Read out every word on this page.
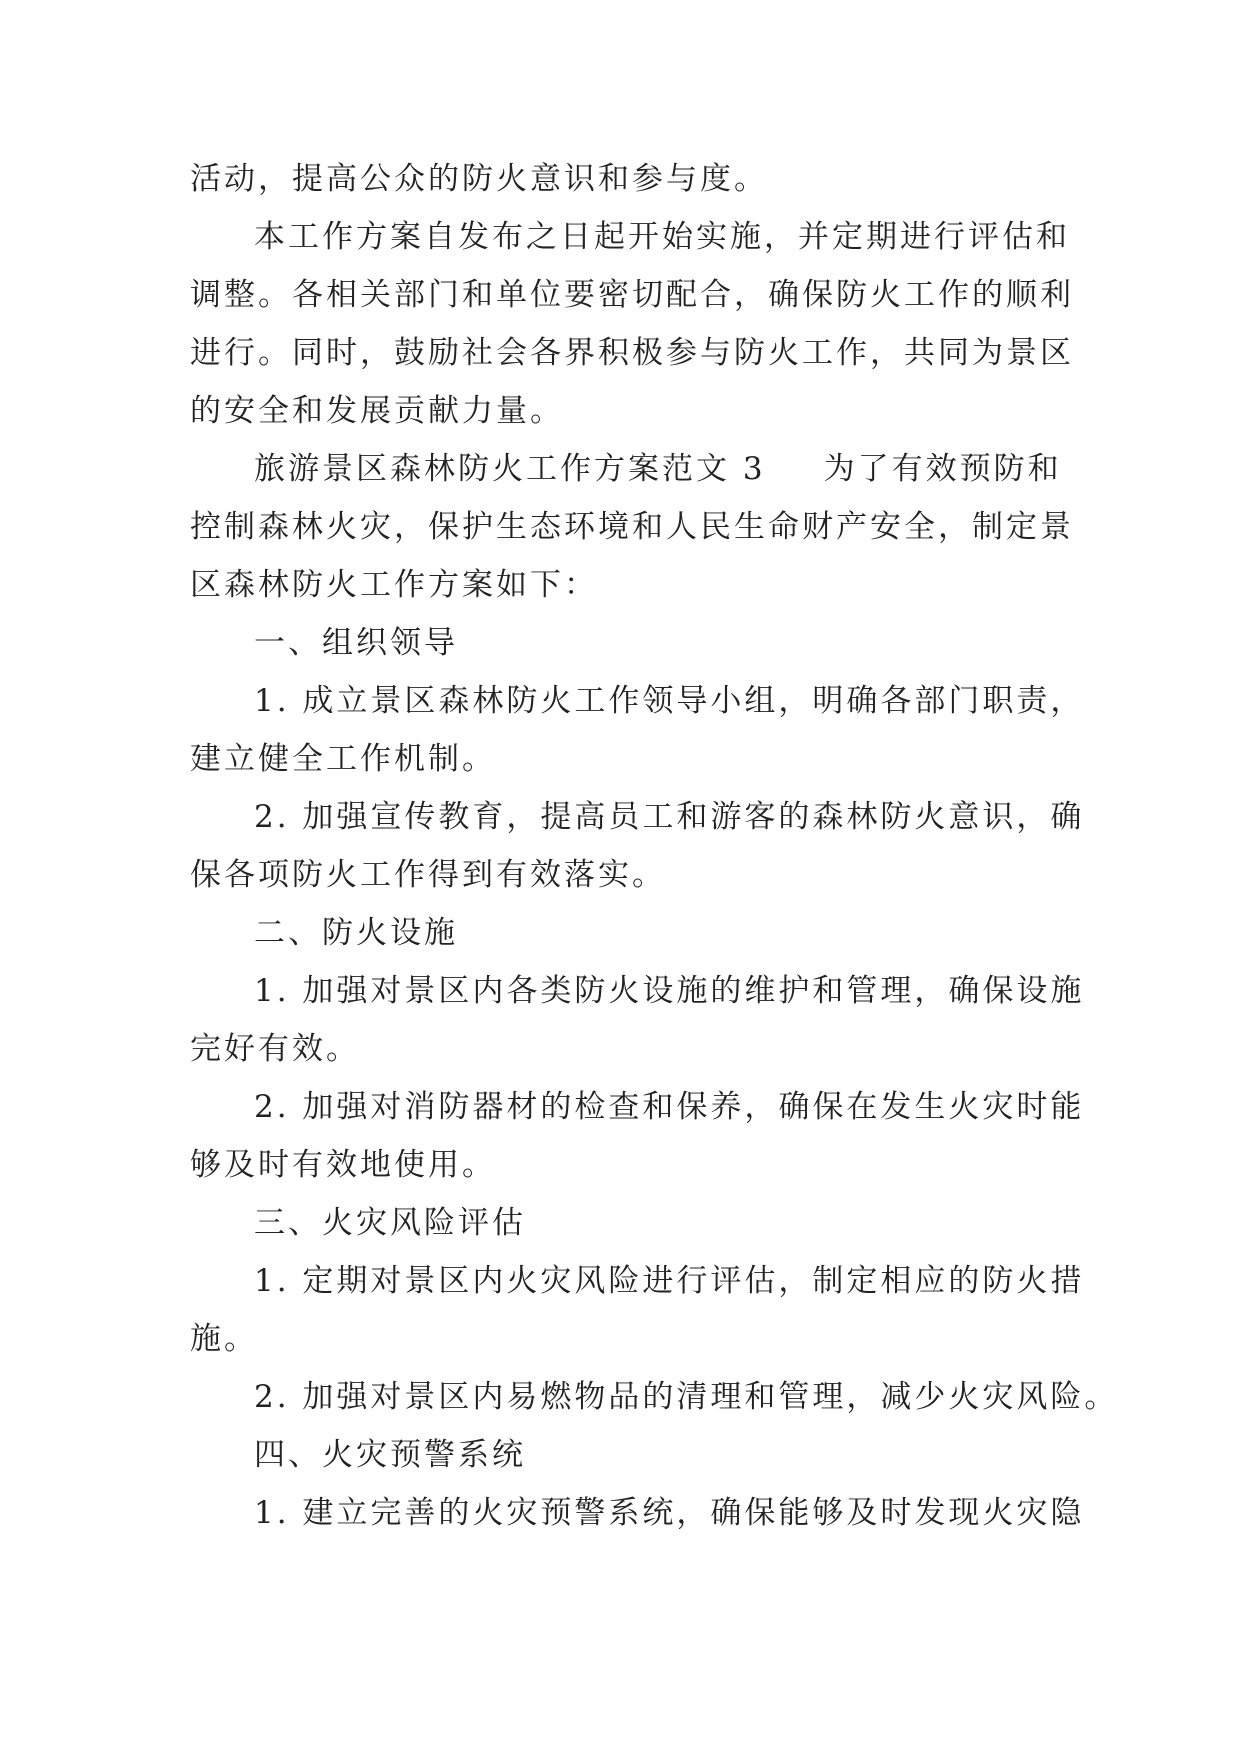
活动，提高公众的防火意识和参与度。
本工作方案自发布之日起开始实施，并定期进行评估和
调整。各相关部门和单位要密切配合，确保防火工作的顺利
进行。同时，鼓励社会各界积极参与防火工作，共同为景区
的安全和发展贡献力量。
旅游景区森林防火工作方案范文 3 为了有效预防和
控制森林火灾，保护生态环境和人民生命财产安全，制定景
区森林防火工作方案如下：
一、组织领导
1. 成立景区森林防火工作领导小组，明确各部门职责，
建立健全工作机制。
2. 加强宣传教育，提高员工和游客的森林防火意识，确
保各项防火工作得到有效落实。
二、防火设施
1. 加强对景区内各类防火设施的维护和管理，确保设施
完好有效。
2. 加强对消防器材的检查和保养，确保在发生火灾时能
够及时有效地使用。
三、火灾风险评估
1. 定期对景区内火灾风险进行评估，制定相应的防火措
施。
2. 加强对景区内易燃物品的清理和管理，减少火灾风险。
四、火灾预警系统
1. 建立完善的火灾预警系统，确保能够及时发现火灾隐
